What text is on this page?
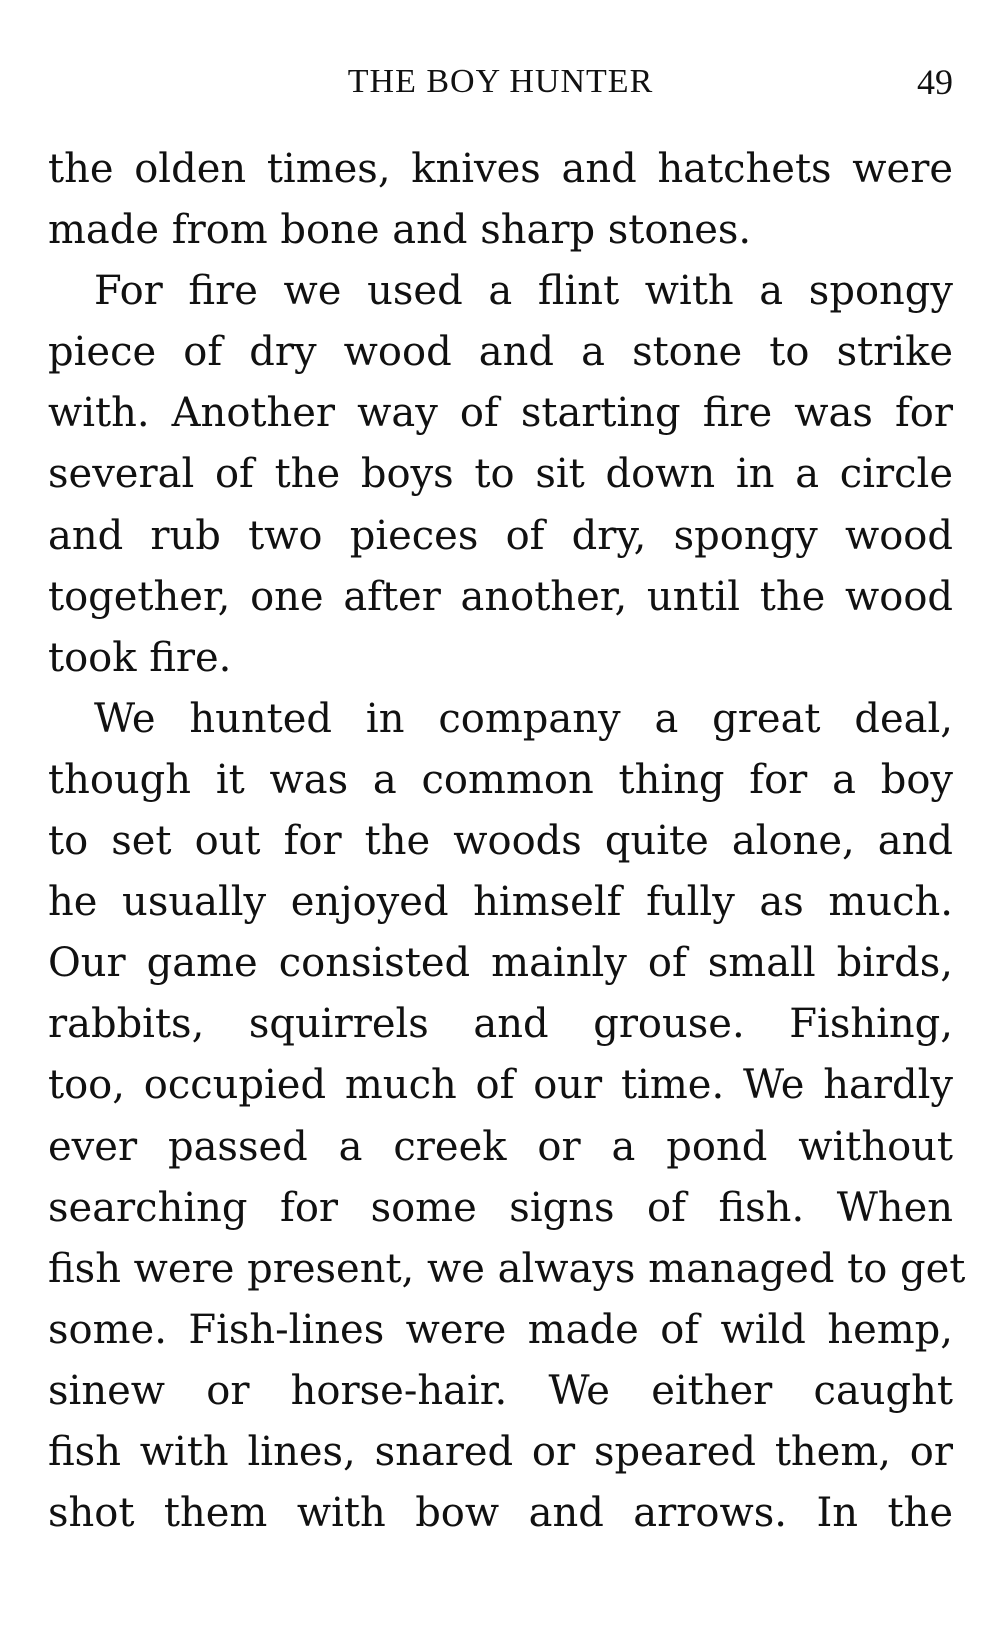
THE BOY HUNTER	49
the olden times, knives and hatchets were
made from bone and sharp stones.
For fire we used a flint with a spongy
piece of dry wood and a stone to strike
with. Another way of starting fire was for
several of the boys to sit down in a circle
and rub two pieces of dry, spongy wood
together, one after another, until the wood
took fire.
We hunted in company a great deal,
though it was a common thing for a boy
to set out for the woods quite alone, and
he usually enjoyed himself fully as much.
Our game consisted mainly of small birds,
rabbits, squirrels and grouse. Fishing,
too, occupied much of our time. We hardly
ever passed a creek or a pond without
searching for some signs of fish. When
fish were present, we always managed to get
some. Fish-lines were made of wild hemp,
sinew or horse-hair. We either caught
fish with lines, snared or speared them, or
shot them with bow and arrows. In the
